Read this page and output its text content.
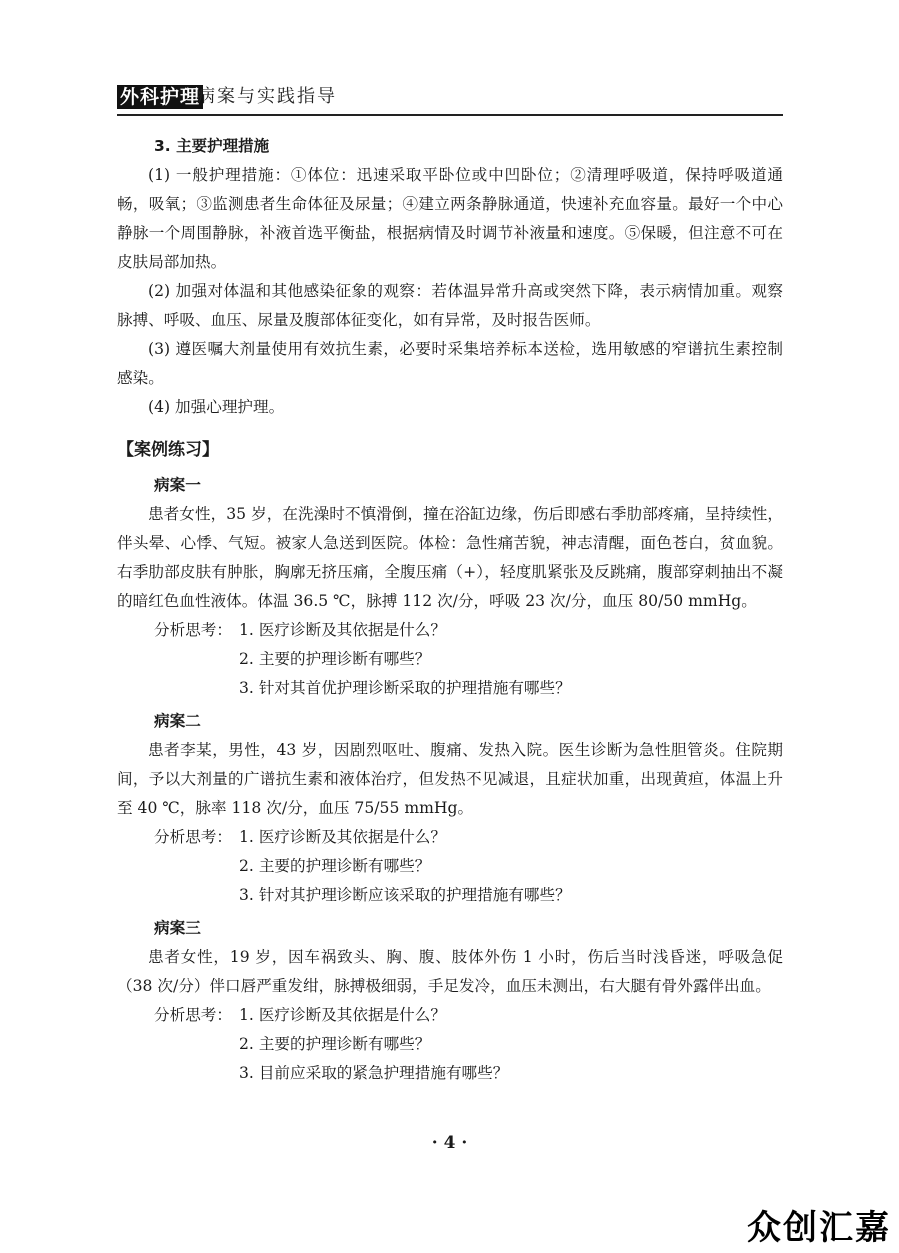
外科护理
病案与实践指导
3. 主要护理措施
(1) 一般护理措施：①体位：迅速采取平卧位或中凹卧位；②清理呼吸道，保持呼吸道通畅，吸氧；③监测患者生命体征及尿量；④建立两条静脉通道，快速补充血容量。最好一个中心静脉一个周围静脉，补液首选平衡盐，根据病情及时调节补液量和速度。⑤保暖，但注意不可在皮肤局部加热。
(2) 加强对体温和其他感染征象的观察：若体温异常升高或突然下降，表示病情加重。观察脉搏、呼吸、血压、尿量及腹部体征变化，如有异常，及时报告医师。
(3) 遵医嘱大剂量使用有效抗生素，必要时采集培养标本送检，选用敏感的窄谱抗生素控制感染。
(4) 加强心理护理。
【案例练习】
病案一
患者女性，35 岁，在洗澡时不慎滑倒，撞在浴缸边缘，伤后即感右季肋部疼痛，呈持续性，伴头晕、心悸、气短。被家人急送到医院。体检：急性痛苦貌，神志清醒，面色苍白，贫血貌。右季肋部皮肤有肿胀，胸廓无挤压痛，全腹压痛（+），轻度肌紧张及反跳痛，腹部穿刺抽出不凝的暗红色血性液体。体温 36.5 ℃，脉搏 112 次/分，呼吸 23 次/分，血压 80/50 mmHg。
分析思考： 1. 医疗诊断及其依据是什么？
2. 主要的护理诊断有哪些？
3. 针对其首优护理诊断采取的护理措施有哪些？
病案二
患者李某，男性，43 岁，因剧烈呕吐、腹痛、发热入院。医生诊断为急性胆管炎。住院期间，予以大剂量的广谱抗生素和液体治疗，但发热不见减退，且症状加重，出现黄疸，体温上升至 40 ℃，脉率 118 次/分，血压 75/55 mmHg。
分析思考： 1. 医疗诊断及其依据是什么？
2. 主要的护理诊断有哪些？
3. 针对其护理诊断应该采取的护理措施有哪些？
病案三
患者女性，19 岁，因车祸致头、胸、腹、肢体外伤 1 小时，伤后当时浅昏迷，呼吸急促（38 次/分）伴口唇严重发绀，脉搏极细弱，手足发冷，血压未测出，右大腿有骨外露伴出血。
分析思考： 1. 医疗诊断及其依据是什么？
2. 主要的护理诊断有哪些？
3. 目前应采取的紧急护理措施有哪些？
· 4 ·
众创汇嘉
